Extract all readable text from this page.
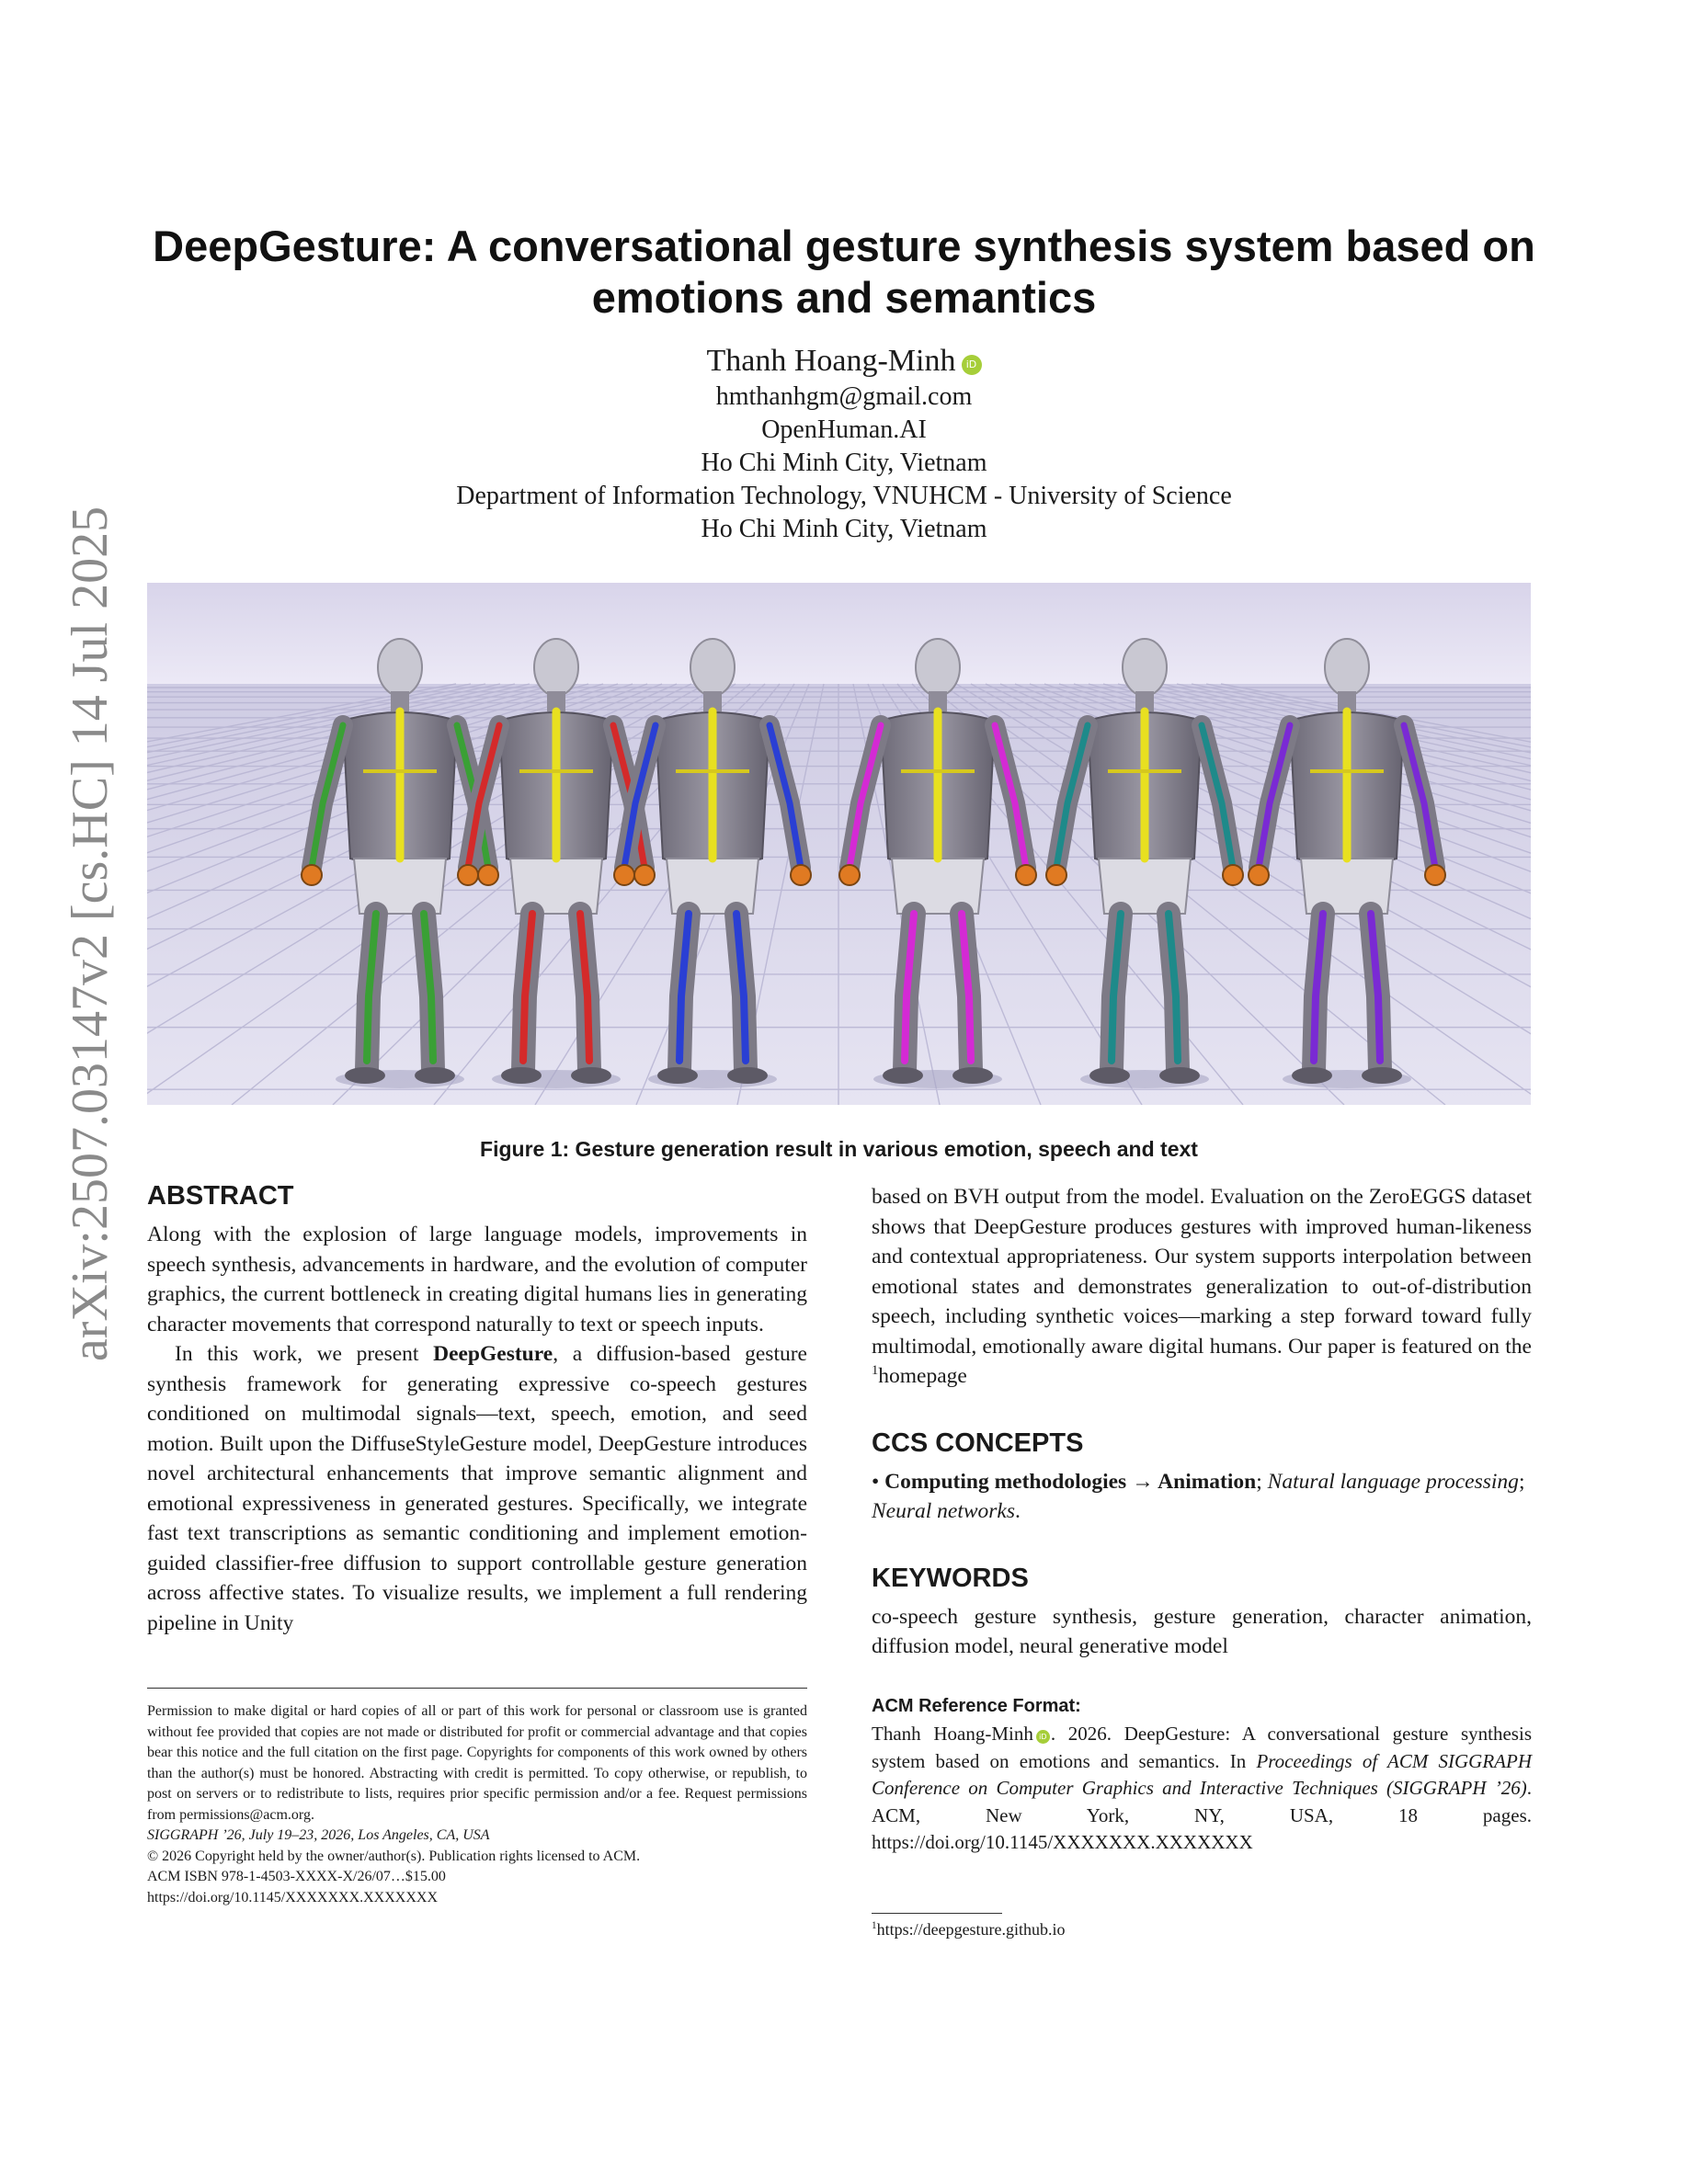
arXiv:2507.03147v2 [cs.HC] 14 Jul 2025
DeepGesture: A conversational gesture synthesis system based on emotions and semantics
Thanh Hoang-Minh iD
hmthanhgm@gmail.com
OpenHuman.AI
Ho Chi Minh City, Vietnam
Department of Information Technology, VNUHCM - University of Science
Ho Chi Minh City, Vietnam
Figure 1: Gesture generation result in various emotion, speech and text
ABSTRACT

Along with the explosion of large language models, improvements in speech synthesis, advancements in hardware, and the evolution of computer graphics, the current bottleneck in creating digital humans lies in generating character movements that correspond naturally to text or speech inputs.

In this work, we present DeepGesture, a diffusion-based gesture synthesis framework for generating expressive co-speech gestures conditioned on multimodal signals—text, speech, emotion, and seed motion. Built upon the DiffuseStyleGesture model, DeepGesture introduces novel architectural enhancements that improve semantic alignment and emotional expressiveness in generated gestures. Specifically, we integrate fast text transcriptions as semantic conditioning and implement emotion-guided classifier-free diffusion to support controllable gesture generation across affective states. To visualize results, we implement a full rendering pipeline in Unity

based on BVH output from the model. Evaluation on the ZeroEGGS dataset shows that DeepGesture produces gestures with improved human-likeness and contextual appropriateness. Our system supports interpolation between emotional states and demonstrates generalization to out-of-distribution speech, including synthetic voices—marking a step forward toward fully multimodal, emotionally aware digital humans. Our paper is featured on the $^1$homepage

CCS CONCEPTS

• Computing methodologies → Animation; Natural language processing; Neural networks.

KEYWORDS

co-speech gesture synthesis, gesture generation, character animation, diffusion model, neural generative model

Permission to make digital or hard copies of all or part of this work for personal or classroom use is granted without fee provided that copies are not made or distributed for profit or commercial advantage and that copies bear this notice and the full citation on the first page. Copyrights for components of this work owned by others than the author(s) must be honored. Abstracting with credit is permitted. To copy otherwise, or republish, to post on servers or to redistribute to lists, requires prior specific permission and/or a fee. Request permissions from permissions@acm.org.

SIGGRAPH ’26, July 19–23, 2026, Los Angeles, CA, USA

© 2026 Copyright held by the owner/author(s). Publication rights licensed to ACM.

ACM ISBN 978-1-4503-XXXX-X/26/07…$15.00

https://doi.org/10.1145/XXXXXXX.XXXXXXX

ACM Reference Format:
Thanh Hoang-Minh iD . 2026. DeepGesture: A conversational gesture synthesis system based on emotions and semantics. In Proceedings of ACM SIGGRAPH Conference on Computer Graphics and Interactive Techniques (SIGGRAPH ’26). ACM, New York, NY, USA, 18 pages. https://doi.org/10.1145/XXXXXXX.XXXXXXX
$^1$https://deepgesture.github.io
